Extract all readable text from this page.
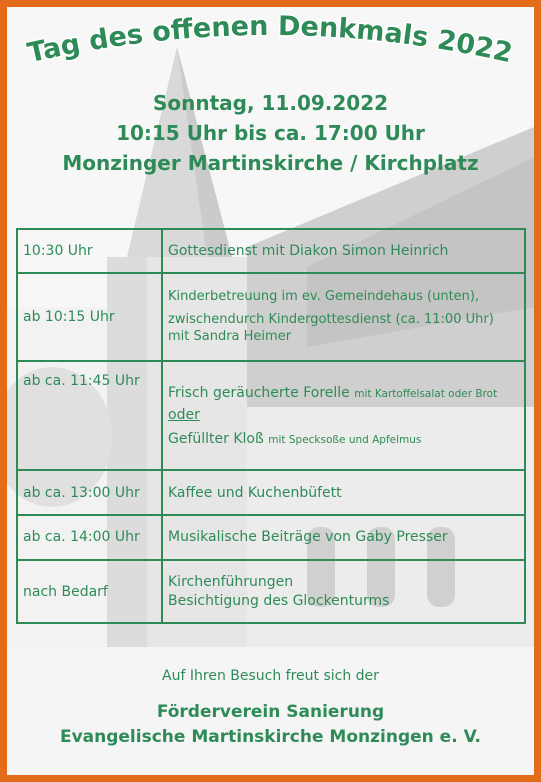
Tag des offenen Denkmals 2022
Sonntag, 11.09.2022
10:15 Uhr bis ca. 17:00 Uhr
Monzinger Martinskirche / Kirchplatz
10:30 Uhr	Gottesdienst mit Diakon Simon Heinrich

ab 10:15 Uhr	Kinderbetreuung im ev. Gemeindehaus (unten),
zwischendurch Kindergottesdienst (ca. 11:00 Uhr)
mit Sandra Heimer

ab ca. 11:45 Uhr	Frisch geräucherte Forelle mit Kartoffelsalat oder Brot
oder
Gefüllter Kloß mit Specksoße und Apfelmus

ab ca. 13:00 Uhr	Kaffee und Kuchenbüfett

ab ca. 14:00 Uhr	Musikalische Beiträge von Gaby Presser

nach Bedarf	Kirchenführungen
Besichtigung des Glockenturms
Auf Ihren Besuch freut sich der
Förderverein Sanierung
Evangelische Martinskirche Monzingen e. V.
